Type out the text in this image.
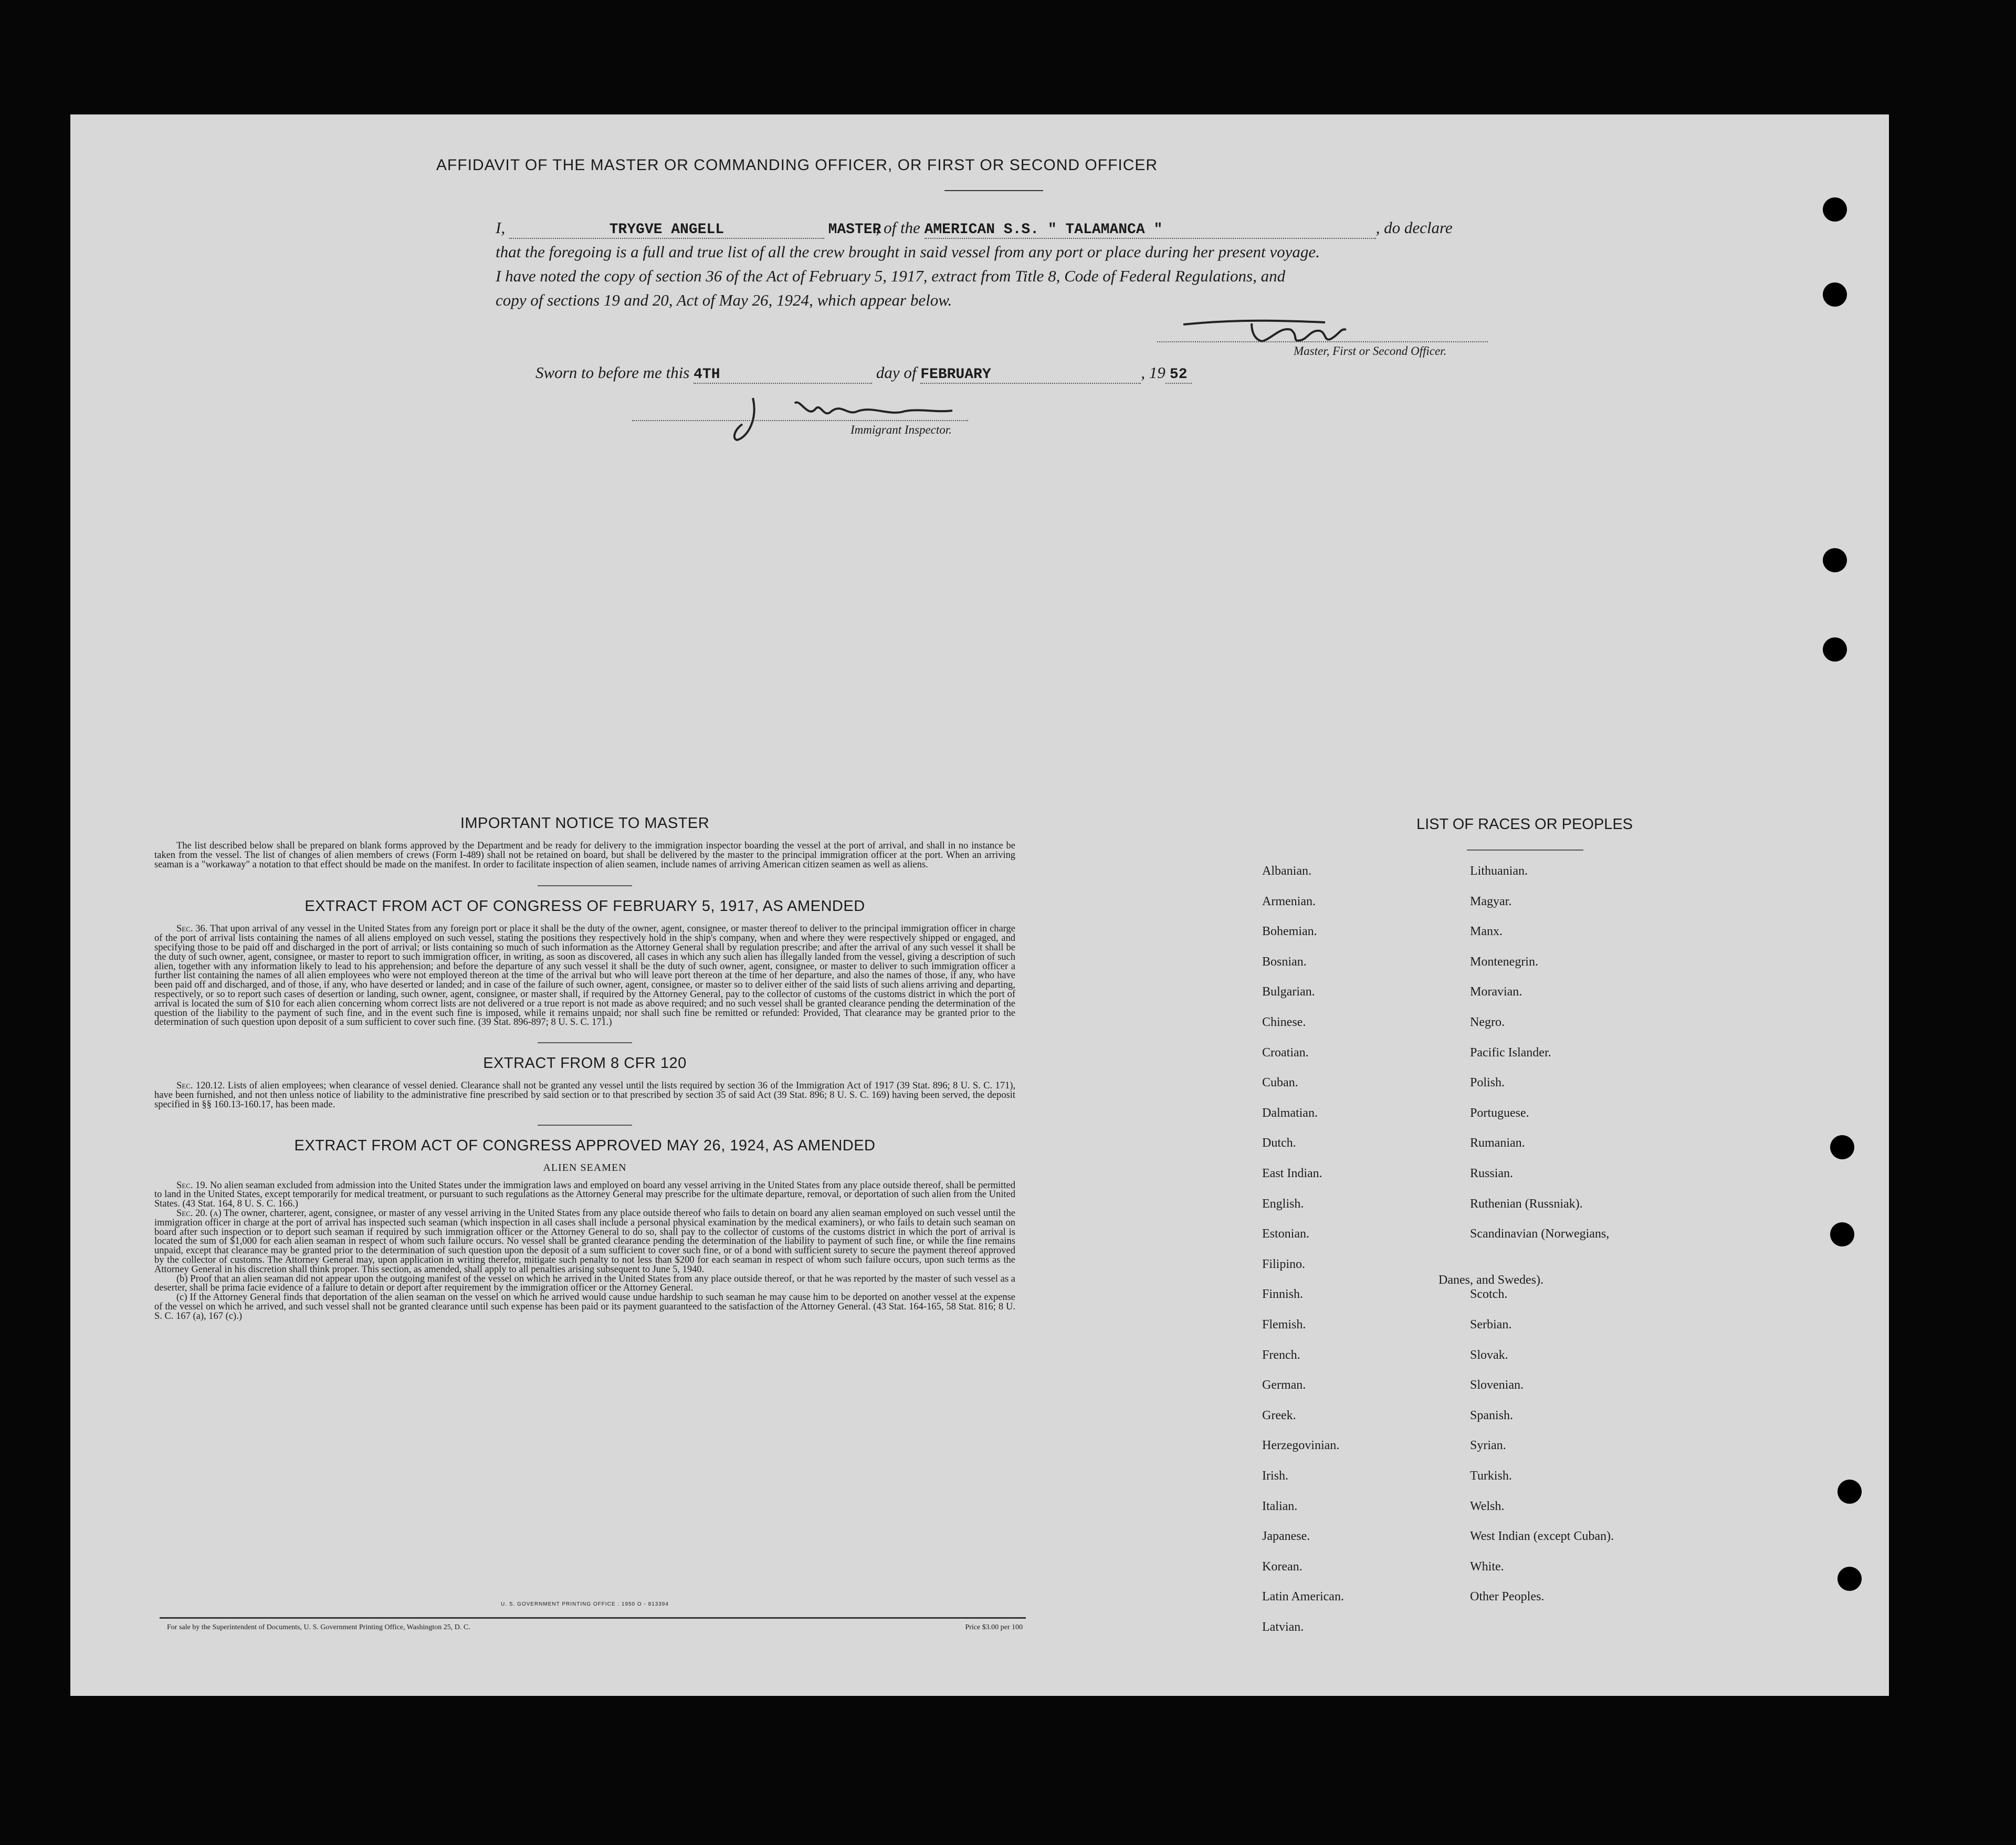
AFFIDAVIT OF THE MASTER OR COMMANDING OFFICER, OR FIRST OR SECOND OFFICER
I,	TRYGVE ANGELL	MASTER, of the AMERICAN S.S. " TALAMANCA "	, do declare
that the foregoing is a full and true list of all the crew brought in said vessel from any port or place during her present voyage.
I have noted the copy of section 36 of the Act of February 5, 1917, extract from Title 8, Code of Federal Regulations, and
copy of sections 19 and 20, Act of May 26, 1924, which appear below.
Master, First or Second Officer.
Sworn to before me this 4TH	day of FEBRUARY	, 19 52
Immigrant Inspector.
IMPORTANT NOTICE TO MASTER

The list described below shall be prepared on blank forms approved by the Department and be ready for delivery to the immigration inspector boarding the vessel at the port of arrival, and shall in no instance be taken from the vessel. The list of changes of alien members of crews (Form I-489) shall not be retained on board, but shall be delivered by the master to the principal immigration officer at the port. When an arriving seaman is a "workaway" a notation to that effect should be made on the manifest. In order to facilitate inspection of alien seamen, include names of arriving American citizen seamen as well as aliens.

EXTRACT FROM ACT OF CONGRESS OF FEBRUARY 5, 1917, AS AMENDED

Sec. 36. That upon arrival of any vessel in the United States from any foreign port or place it shall be the duty of the owner, agent, consignee, or master thereof to deliver to the principal immigration officer in charge of the port of arrival lists containing the names of all aliens employed on such vessel, stating the positions they respectively hold in the ship's company, when and where they were respectively shipped or engaged, and specifying those to be paid off and discharged in the port of arrival; or lists containing so much of such information as the Attorney General shall by regulation prescribe; and after the arrival of any such vessel it shall be the duty of such owner, agent, consignee, or master to report to such immigration officer, in writing, as soon as discovered, all cases in which any such alien has illegally landed from the vessel, giving a description of such alien, together with any information likely to lead to his apprehension; and before the departure of any such vessel it shall be the duty of such owner, agent, consignee, or master to deliver to such immigration officer a further list containing the names of all alien employees who were not employed thereon at the time of the arrival but who will leave port thereon at the time of her departure, and also the names of those, if any, who have been paid off and discharged, and of those, if any, who have deserted or landed; and in case of the failure of such owner, agent, consignee, or master so to deliver either of the said lists of such aliens arriving and departing, respectively, or so to report such cases of desertion or landing, such owner, agent, consignee, or master shall, if required by the Attorney General, pay to the collector of customs of the customs district in which the port of arrival is located the sum of $10 for each alien concerning whom correct lists are not delivered or a true report is not made as above required; and no such vessel shall be granted clearance pending the determination of the question of the liability to the payment of such fine, and in the event such fine is imposed, while it remains unpaid; nor shall such fine be remitted or refunded: Provided, That clearance may be granted prior to the determination of such question upon deposit of a sum sufficient to cover such fine. (39 Stat. 896-897; 8 U. S. C. 171.)

EXTRACT FROM 8 CFR 120

Sec. 120.12. Lists of alien employees; when clearance of vessel denied. Clearance shall not be granted any vessel until the lists required by section 36 of the Immigration Act of 1917 (39 Stat. 896; 8 U. S. C. 171), have been furnished, and not then unless notice of liability to the administrative fine prescribed by said section or to that prescribed by section 35 of said Act (39 Stat. 896; 8 U. S. C. 169) having been served, the deposit specified in §§ 160.13-160.17, has been made.

EXTRACT FROM ACT OF CONGRESS APPROVED MAY 26, 1924, AS AMENDED
ALIEN SEAMEN

Sec. 19. No alien seaman excluded from admission into the United States under the immigration laws and employed on board any vessel arriving in the United States from any place outside thereof, shall be permitted to land in the United States, except temporarily for medical treatment, or pursuant to such regulations as the Attorney General may prescribe for the ultimate departure, removal, or deportation of such alien from the United States. (43 Stat. 164, 8 U. S. C. 166.)

Sec. 20. (a) The owner, charterer, agent, consignee, or master of any vessel arriving in the United States from any place outside thereof who fails to detain on board any alien seaman employed on such vessel until the immigration officer in charge at the port of arrival has inspected such seaman (which inspection in all cases shall include a personal physical examination by the medical examiners), or who fails to detain such seaman on board after such inspection or to deport such seaman if required by such immigration officer or the Attorney General to do so, shall pay to the collector of customs of the customs district in which the port of arrival is located the sum of $1,000 for each alien seaman in respect of whom such failure occurs. No vessel shall be granted clearance pending the determination of the liability to payment of such fine, or while the fine remains unpaid, except that clearance may be granted prior to the determination of such question upon the deposit of a sum sufficient to cover such fine, or of a bond with sufficient surety to secure the payment thereof approved by the collector of customs. The Attorney General may, upon application in writing therefor, mitigate such penalty to not less than $200 for each seaman in respect of whom such failure occurs, upon such terms as the Attorney General in his discretion shall think proper. This section, as amended, shall apply to all penalties arising subsequent to June 5, 1940.

(b) Proof that an alien seaman did not appear upon the outgoing manifest of the vessel on which he arrived in the United States from any place outside thereof, or that he was reported by the master of such vessel as a deserter, shall be prima facie evidence of a failure to detain or deport after requirement by the immigration officer or the Attorney General.

(c) If the Attorney General finds that deportation of the alien seaman on the vessel on which he arrived would cause undue hardship to such seaman he may cause him to be deported on another vessel at the expense of the vessel on which he arrived, and such vessel shall not be granted clearance until such expense has been paid or its payment guaranteed to the satisfaction of the Attorney General. (43 Stat. 164-165, 58 Stat. 816; 8 U. S. C. 167 (a), 167 (c).)

U. S. GOVERNMENT PRINTING OFFICE : 1950 O - 813394
For sale by the Superintendent of Documents, U. S. Government Printing Office, Washington 25, D. C.	Price $3.00 per 100
LIST OF RACES OR PEOPLES
Albanian.
Armenian.
Bohemian.
Bosnian.
Bulgarian.
Chinese.
Croatian.
Cuban.
Dalmatian.
Dutch.
East Indian.
English.
Estonian.
Filipino.
Finnish.
Flemish.
French.
German.
Greek.
Herzegovinian.
Irish.
Italian.
Japanese.
Korean.
Latin American.
Latvian.
Lithuanian.
Magyar.
Manx.
Montenegrin.
Moravian.
Negro.
Pacific Islander.
Polish.
Portuguese.
Rumanian.
Russian.
Ruthenian (Russniak).
Scandinavian (Norwegians,
Danes, and Swedes).
Scotch.
Serbian.
Slovak.
Slovenian.
Spanish.
Syrian.
Turkish.
Welsh.
West Indian (except Cuban).
White.
Other Peoples.
